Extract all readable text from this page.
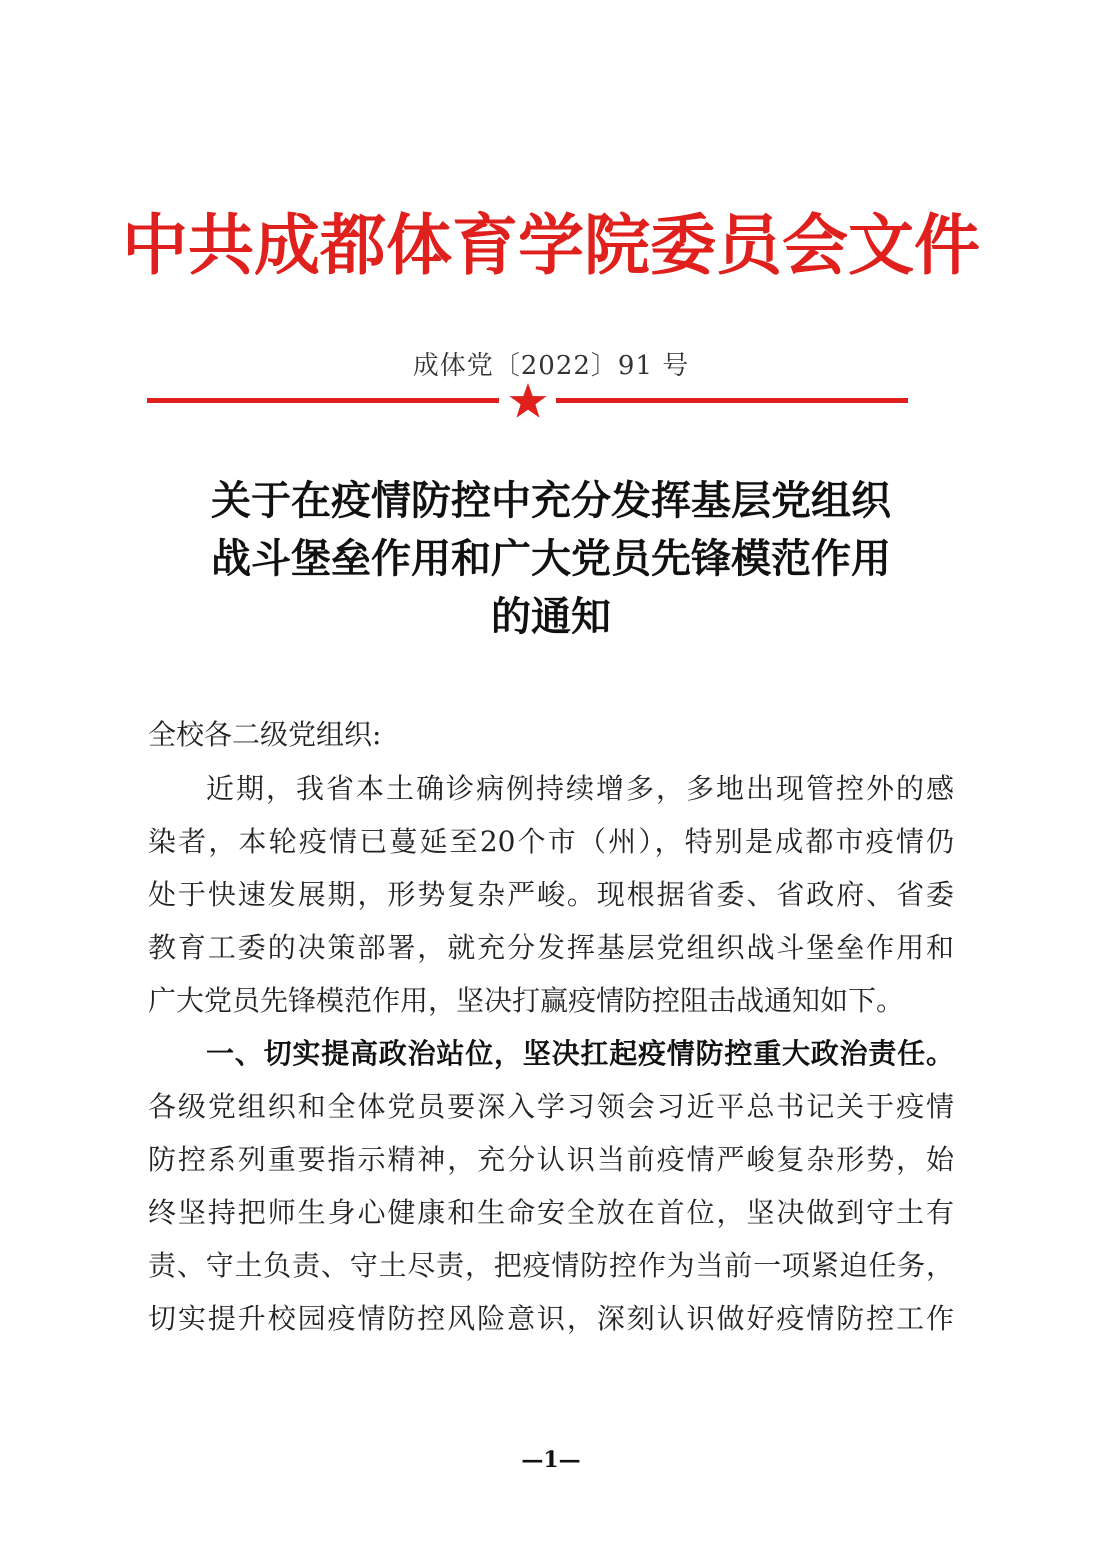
中共成都体育学院委员会文件
成体党〔2022〕91 号
关于在疫情防控中充分发挥基层党组织
战斗堡垒作用和广大党员先锋模范作用
的通知
全校各二级党组织:
近期，我省本土确诊病例持续增多，多地出现管控外的感
染者，本轮疫情已蔓延至20个市（州），特别是成都市疫情仍
处于快速发展期，形势复杂严峻。现根据省委、省政府、省委
教育工委的决策部署，就充分发挥基层党组织战斗堡垒作用和
广大党员先锋模范作用，坚决打赢疫情防控阻击战通知如下。
一、切实提高政治站位，坚决扛起疫情防控重大政治责任。
各级党组织和全体党员要深入学习领会习近平总书记关于疫情
防控系列重要指示精神，充分认识当前疫情严峻复杂形势，始
终坚持把师生身心健康和生命安全放在首位，坚决做到守土有
责、守土负责、守土尽责，把疫情防控作为当前一项紧迫任务，
切实提升校园疫情防控风险意识，深刻认识做好疫情防控工作
—1—
